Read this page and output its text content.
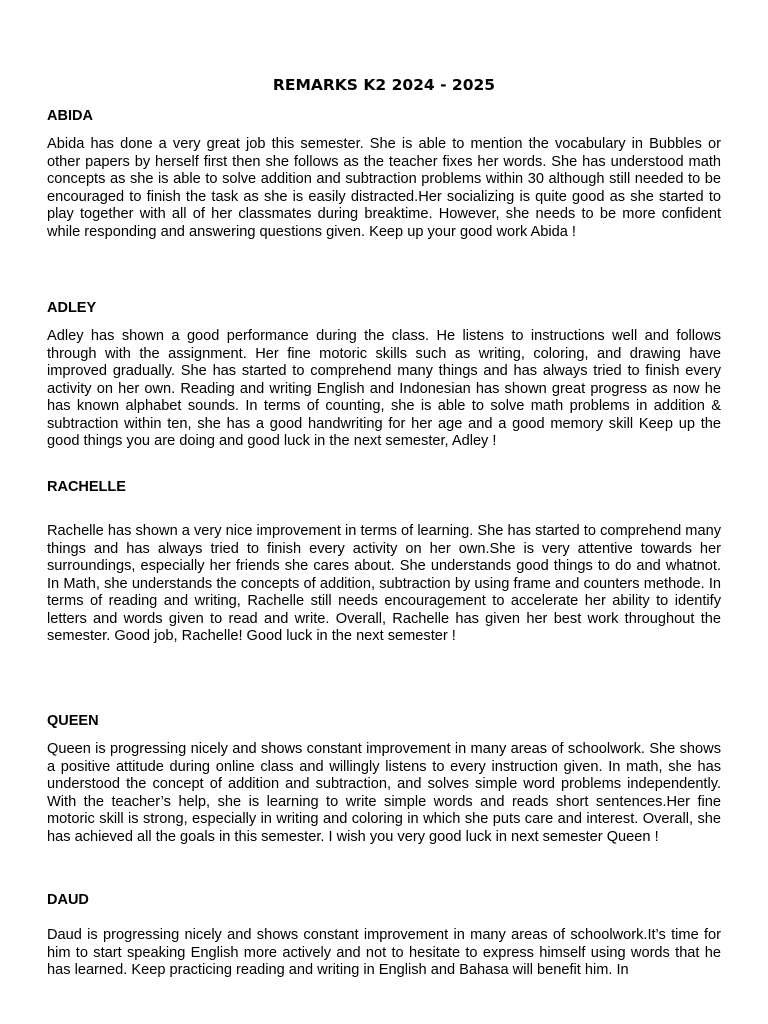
REMARKS K2 2024 - 2025
ABIDA

Abida has done a very great job this semester. She is able to mention the vocabulary in Bubbles or other papers by herself first then she follows as the teacher fixes her words. She has understood math concepts as she is able to solve addition and subtraction problems within 30 although still needed to be encouraged to finish the task as she is easily distracted.Her socializing is quite good as she started to play together with all of her classmates during breaktime. However, she needs to be more confident while responding and answering questions given. Keep up your good work Abida !

ADLEY

Adley has shown a good performance during the class. He listens to instructions well and follows through with the assignment. Her fine motoric skills such as writing, coloring, and drawing have improved gradually. She has started to comprehend many things and has always tried to finish every activity on her own. Reading and writing English and Indonesian has shown great progress as now he has known alphabet sounds. In terms of counting, she is able to solve math problems in addition & subtraction within ten, she has a good handwriting for her age and a good memory skill Keep up the good things you are doing and good luck in the next semester, Adley !

RACHELLE

Rachelle has shown a very nice improvement in terms of learning. She has started to comprehend many things and has always tried to finish every activity on her own.She is very attentive towards her surroundings, especially her friends she cares about. She understands good things to do and whatnot. In Math, she understands the concepts of addition, subtraction by using frame and counters methode. In terms of reading and writing, Rachelle still needs encouragement to accelerate her ability to identify letters and words given to read and write. Overall, Rachelle has given her best work throughout the semester. Good job, Rachelle! Good luck in the next semester !

QUEEN

Queen is progressing nicely and shows constant improvement in many areas of schoolwork. She shows a positive attitude during online class and willingly listens to every instruction given. In math, she has understood the concept of addition and subtraction, and solves simple word problems independently. With the teacher’s help, she is learning to write simple words and reads short sentences.Her fine motoric skill is strong, especially in writing and coloring in which she puts care and interest. Overall, she has achieved all the goals in this semester. I wish you very good luck in next semester Queen !

DAUD

Daud is progressing nicely and shows constant improvement in many areas of schoolwork.It’s time for him to start speaking English more actively and not to hesitate to express himself using words that he has learned. Keep practicing reading and writing in English and Bahasa will benefit him. In
